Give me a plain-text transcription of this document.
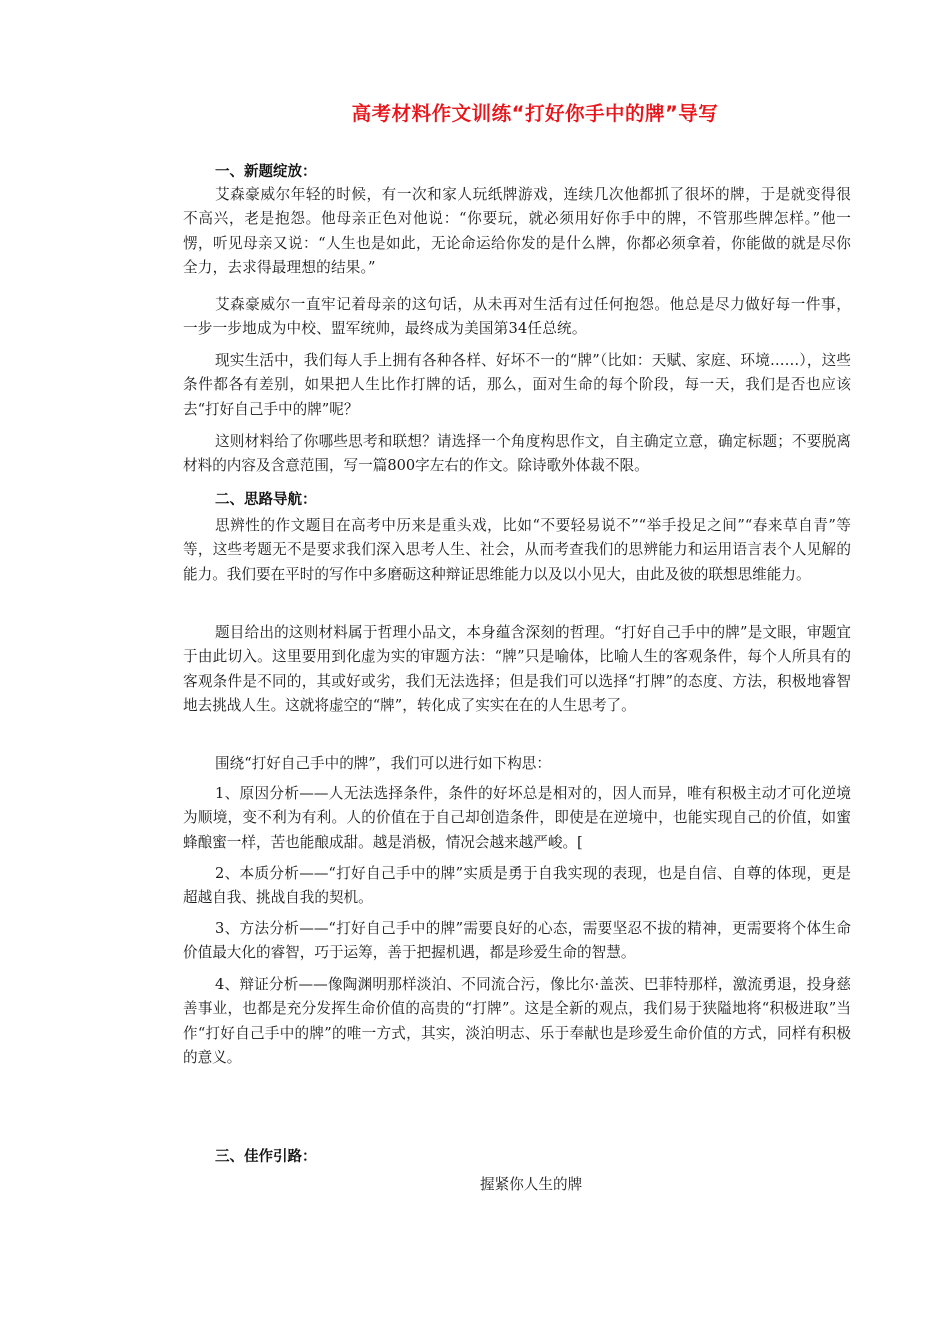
高考材料作文训练“打好你手中的牌”导写
一、新题绽放：

艾森豪威尔年轻的时候，有一次和家人玩纸牌游戏，连续几次他都抓了很坏的牌，于是就变得很不高兴，老是抱怨。他母亲正色对他说：“你要玩，就必须用好你手中的牌，不管那些牌怎样。”他一愣，听见母亲又说：“人生也是如此，无论命运给你发的是什么牌，你都必须拿着，你能做的就是尽你全力，去求得最理想的结果。”

艾森豪威尔一直牢记着母亲的这句话，从未再对生活有过任何抱怨。他总是尽力做好每一件事，一步一步地成为中校、盟军统帅，最终成为美国第34任总统。

现实生活中，我们每人手上拥有各种各样、好坏不一的“牌”（比如：天赋、家庭、环境……），这些条件都各有差别，如果把人生比作打牌的话，那么，面对生命的每个阶段，每一天，我们是否也应该去“打好自己手中的牌”呢？

这则材料给了你哪些思考和联想？请选择一个角度构思作文，自主确定立意，确定标题；不要脱离材料的内容及含意范围，写一篇800字左右的作文。除诗歌外体裁不限。

二、思路导航：

思辨性的作文题目在高考中历来是重头戏，比如“不要轻易说不”“举手投足之间”“春来草自青”等等，这些考题无不是要求我们深入思考人生、社会，从而考查我们的思辨能力和运用语言表个人见解的能力。我们要在平时的写作中多磨砺这种辩证思维能力以及以小见大，由此及彼的联想思维能力。

题目给出的这则材料属于哲理小品文，本身蕴含深刻的哲理。“打好自己手中的牌”是文眼，审题宜于由此切入。这里要用到化虚为实的审题方法：“牌”只是喻体，比喻人生的客观条件，每个人所具有的客观条件是不同的，其或好或劣，我们无法选择；但是我们可以选择“打牌”的态度、方法，积极地睿智地去挑战人生。这就将虚空的“牌”，转化成了实实在在的人生思考了。

围绕“打好自己手中的牌”，我们可以进行如下构思：

1、原因分析——人无法选择条件，条件的好坏总是相对的，因人而异，唯有积极主动才可化逆境为顺境，变不利为有利。人的价值在于自己却创造条件，即使是在逆境中，也能实现自己的价值，如蜜蜂酿蜜一样，苦也能酿成甜。越是消极，情况会越来越严峻。[

2、本质分析——“打好自己手中的牌”实质是勇于自我实现的表现，也是自信、自尊的体现，更是超越自我、挑战自我的契机。

3、方法分析——“打好自己手中的牌”需要良好的心态，需要坚忍不拔的精神，更需要将个体生命价值最大化的睿智，巧于运筹，善于把握机遇，都是珍爱生命的智慧。

4、辩证分析——像陶渊明那样淡泊、不同流合污，像比尔·盖茨、巴菲特那样，激流勇退，投身慈善事业，也都是充分发挥生命价值的高贵的“打牌”。这是全新的观点，我们易于狭隘地将“积极进取”当作“打好自己手中的牌”的唯一方式，其实，淡泊明志、乐于奉献也是珍爱生命价值的方式，同样有积极的意义。

三、佳作引路：
握紧你人生的牌
